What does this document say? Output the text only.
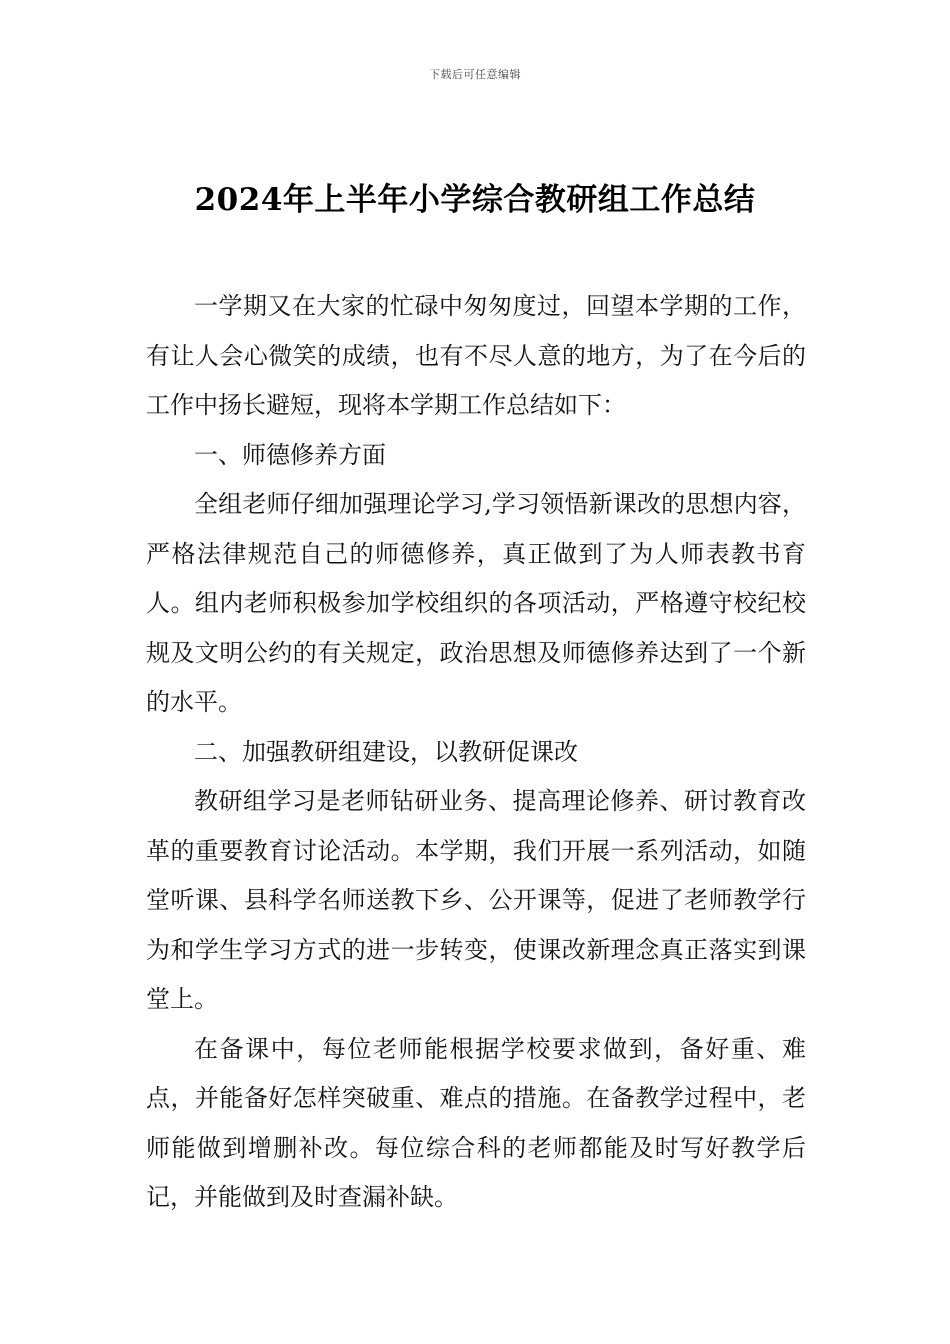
下载后可任意编辑
2024年上半年小学综合教研组工作总结

一学期又在大家的忙碌中匆匆度过，回望本学期的工作，有让人会心微笑的成绩，也有不尽人意的地方，为了在今后的工作中扬长避短，现将本学期工作总结如下：

一、师德修养方面

全组老师仔细加强理论学习,学习领悟新课改的思想内容，严格法律规范自己的师德修养，真正做到了为人师表教书育人。组内老师积极参加学校组织的各项活动，严格遵守校纪校规及文明公约的有关规定，政治思想及师德修养达到了一个新的水平。

二、加强教研组建设，以教研促课改

教研组学习是老师钻研业务、提高理论修养、研讨教育改革的重要教育讨论活动。本学期，我们开展一系列活动，如随堂听课、县科学名师送教下乡、公开课等，促进了老师教学行为和学生学习方式的进一步转变，使课改新理念真正落实到课堂上。

在备课中，每位老师能根据学校要求做到，备好重、难点，并能备好怎样突破重、难点的措施。在备教学过程中，老师能做到增删补改。每位综合科的老师都能及时写好教学后记，并能做到及时查漏补缺。
